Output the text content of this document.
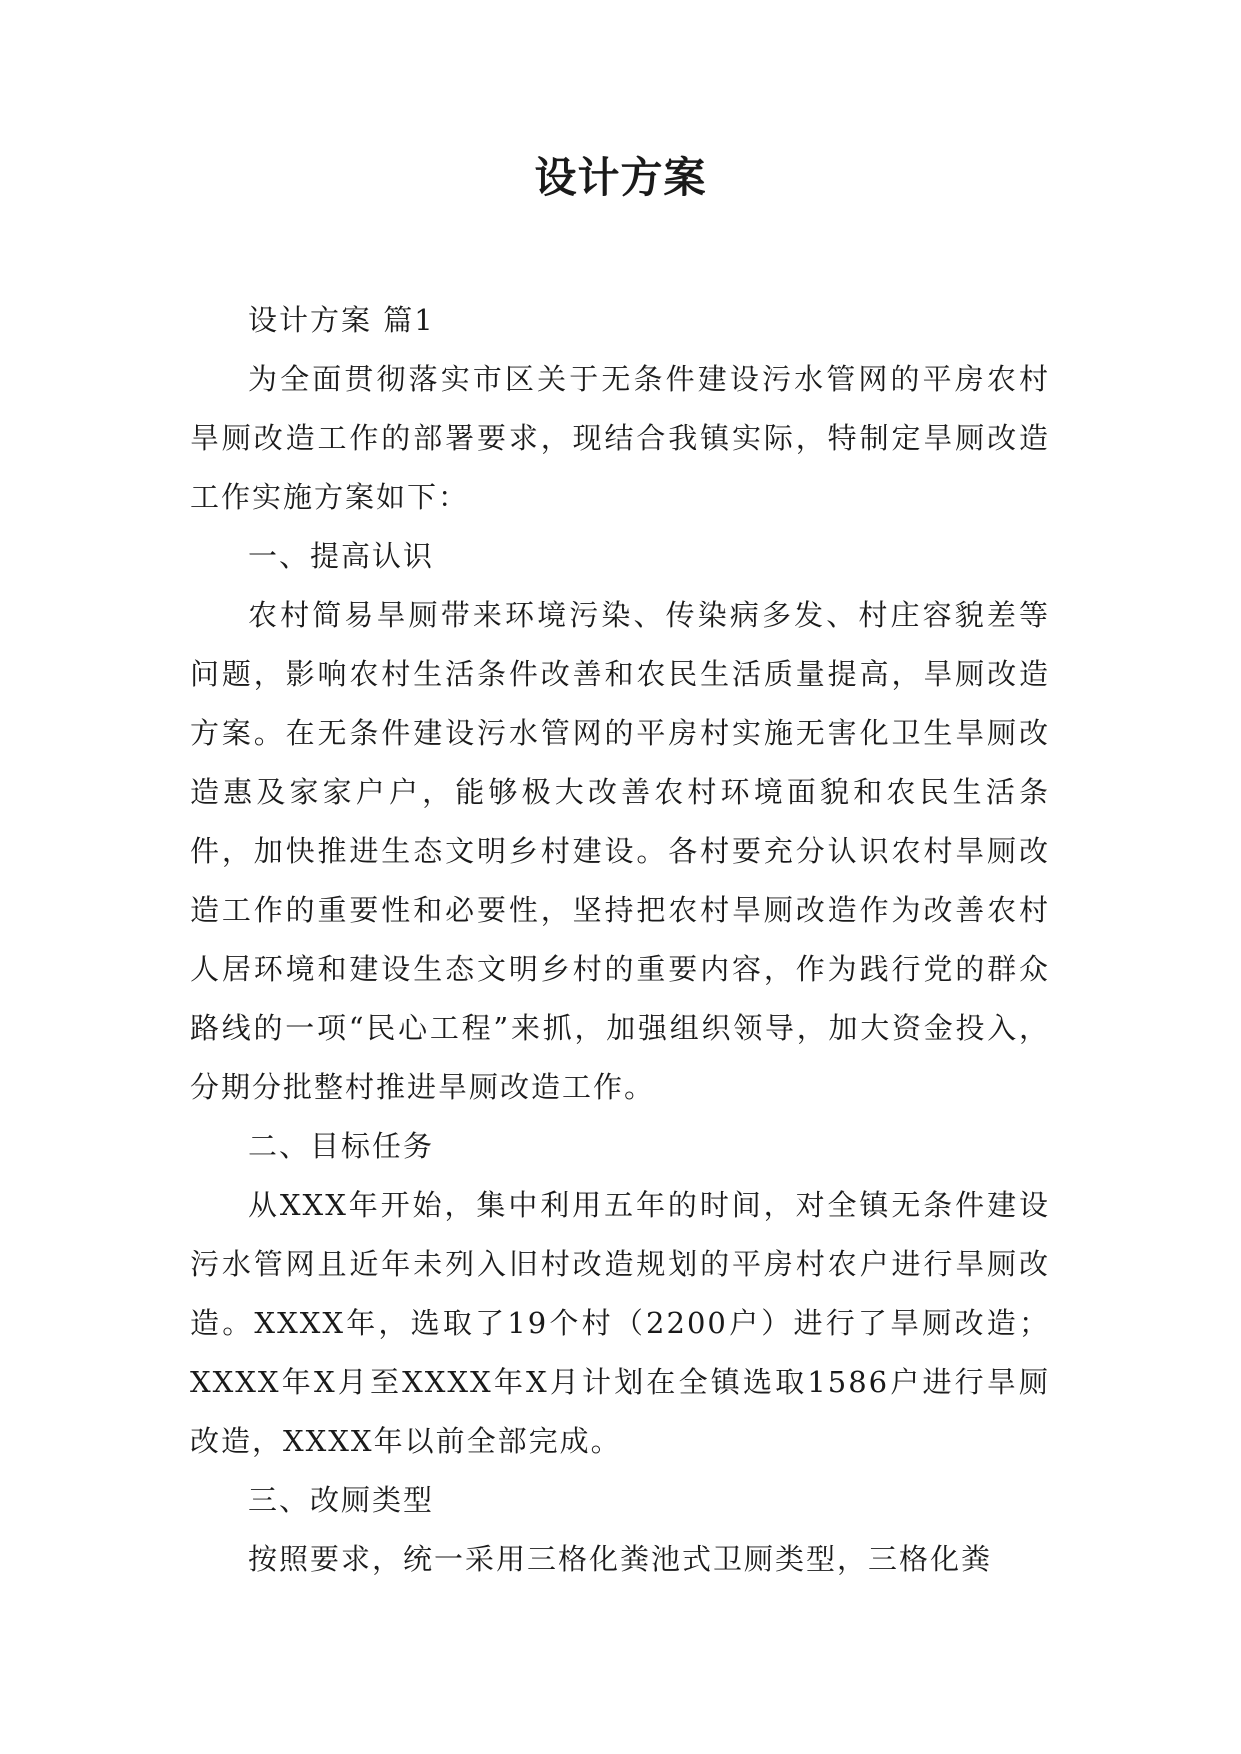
设计方案

设计方案 篇1

为全面贯彻落实市区关于无条件建设污水管网的平房农村旱厕改造工作的部署要求，现结合我镇实际，特制定旱厕改造工作实施方案如下：

一、提高认识

农村简易旱厕带来环境污染、传染病多发、村庄容貌差等问题，影响农村生活条件改善和农民生活质量提高，旱厕改造方案。在无条件建设污水管网的平房村实施无害化卫生旱厕改造惠及家家户户，能够极大改善农村环境面貌和农民生活条件，加快推进生态文明乡村建设。各村要充分认识农村旱厕改造工作的重要性和必要性，坚持把农村旱厕改造作为改善农村人居环境和建设生态文明乡村的重要内容，作为践行党的群众路线的一项“民心工程”来抓，加强组织领导，加大资金投入，分期分批整村推进旱厕改造工作。

二、目标任务

从XXX年开始，集中利用五年的时间，对全镇无条件建设污水管网且近年未列入旧村改造规划的平房村农户进行旱厕改造。XXXX年，选取了19个村（2200户）进行了旱厕改造；XXXX年X月至XXXX年X月计划在全镇选取1586户进行旱厕改造，XXXX年以前全部完成。

三、改厕类型

按照要求，统一采用三格化粪池式卫厕类型，三格化粪
